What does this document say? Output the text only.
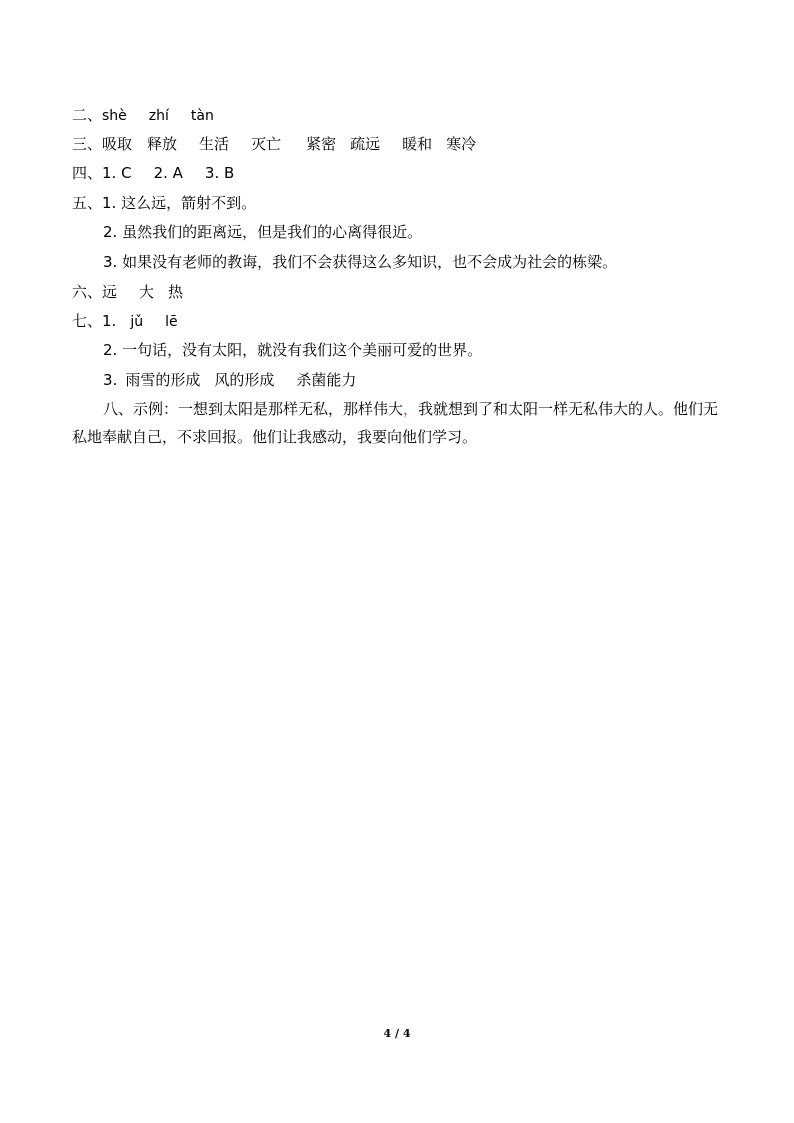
二、shè zhí tàn
三、吸取 释放 生活 灭亡 紧密 疏远 暖和 寒冷
四、1. C 2. A 3. B
五、1. 这么远，箭射不到。
2. 虽然我们的距离远，但是我们的心离得很近。
3. 如果没有老师的教诲，我们不会获得这么多知识，也不会成为社会的栋梁。
六、远 大 热
七、1. jǔ lē
2. 一句话，没有太阳，就没有我们这个美丽可爱的世界。
3. 雨雪的形成 风的形成 杀菌能力
八、示例：一想到太阳是那样无私，那样伟大，我就想到了和太阳一样无私伟大的人。他们无私地奉献自己，不求回报。他们让我感动，我要向他们学习。
4 / 4
